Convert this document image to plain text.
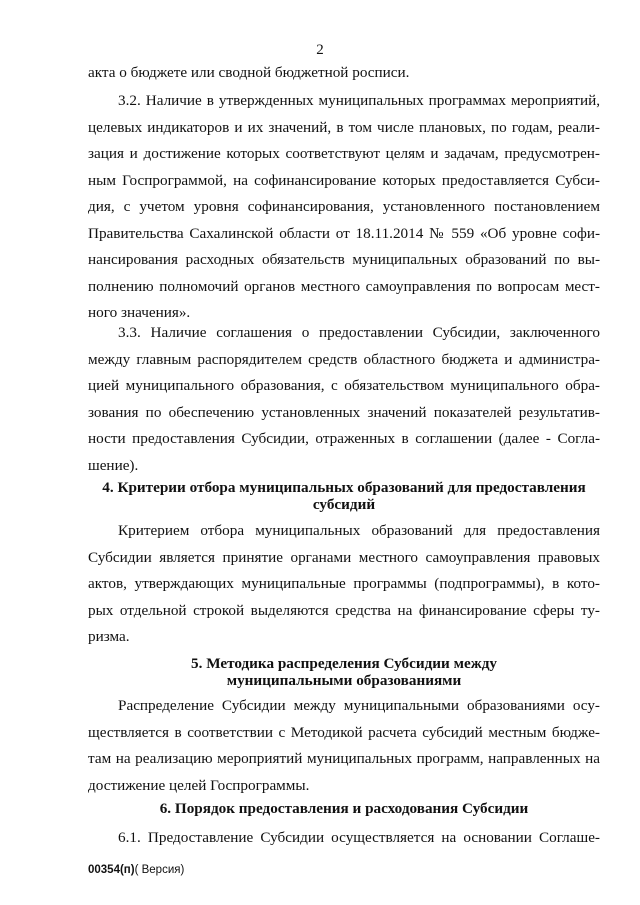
2
акта о бюджете или сводной бюджетной росписи.
3.2. Наличие в утвержденных муниципальных программах мероприятий,
целевых индикаторов и их значений, в том числе плановых, по годам, реали-
зация и достижение которых соответствуют целям и задачам, предусмотрен-
ным Госпрограммой, на софинансирование которых предоставляется Субси-
дия, с учетом уровня софинансирования, установленного постановлением
Правительства Сахалинской области от 18.11.2014 № 559 «Об уровне софи-
нансирования расходных обязательств муниципальных образований по вы-
полнению полномочий органов местного самоуправления по вопросам мест-
ного значения».
3.3. Наличие соглашения о предоставлении Субсидии, заключенного
между главным распорядителем средств областного бюджета и администра-
цией муниципального образования, с обязательством муниципального обра-
зования по обеспечению установленных значений показателей результатив-
ности предоставления Субсидии, отраженных в соглашении (далее - Согла-
шение).
4. Критерии отбора муниципальных образований для предоставления
субсидий
Критерием отбора муниципальных образований для предоставления
Субсидии является принятие органами местного самоуправления правовых
актов, утверждающих муниципальные программы (подпрограммы), в кото-
рых отдельной строкой выделяются средства на финансирование сферы ту-
ризма.
5. Методика распределения Субсидии между
муниципальными образованиями
Распределение Субсидии между муниципальными образованиями осу-
ществляется в соответствии с Методикой расчета субсидий местным бюдже-
там на реализацию мероприятий муниципальных программ, направленных на
достижение целей Госпрограммы.
6. Порядок предоставления и расходования Субсидии
6.1. Предоставление Субсидии осуществляется на основании Соглаше-
00354(п)( Версия)
